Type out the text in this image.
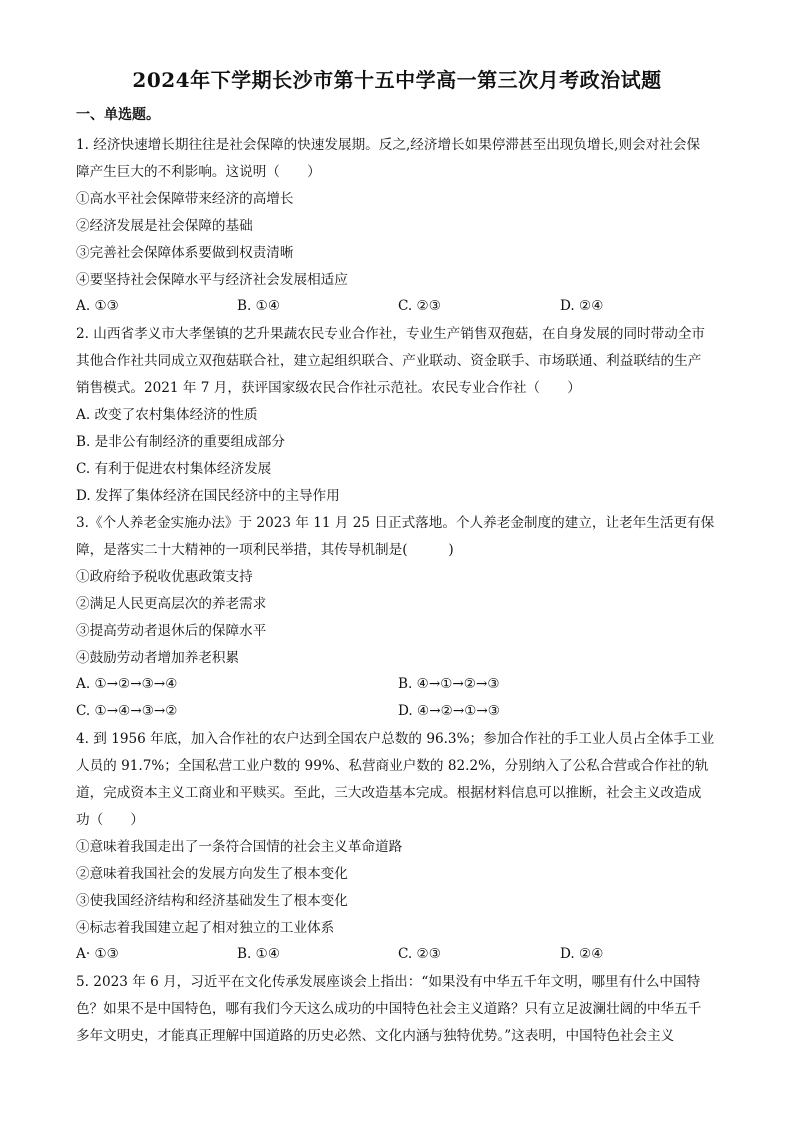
2024年下学期长沙市第十五中学高一第三次月考政治试题
一、单选题。
1. 经济快速增长期往往是社会保障的快速发展期。反之,经济增长如果停滞甚至出现负增长,则会对社会保
障产生巨大的不利影响。这说明（　　）
①高水平社会保障带来经济的高增长
②经济发展是社会保障的基础
③完善社会保障体系要做到权责清晰
④要坚持社会保障水平与经济社会发展相适应
A. ①③	B. ①④	C. ②③	D. ②④
2. 山西省孝义市大孝堡镇的艺升果蔬农民专业合作社，专业生产销售双孢菇，在自身发展的同时带动全市
其他合作社共同成立双孢菇联合社，建立起组织联合、产业联动、资金联手、市场联通、利益联结的生产
销售模式。2021 年 7 月，获评国家级农民合作社示范社。农民专业合作社（　　）
A. 改变了农村集体经济的性质
B. 是非公有制经济的重要组成部分
C. 有利于促进农村集体经济发展
D. 发挥了集体经济在国民经济中的主导作用
3.《个人养老金实施办法》于 2023 年 11 月 25 日正式落地。个人养老金制度的建立，让老年生活更有保
障，是落实二十大精神的一项利民举措，其传导机制是(　　　)
①政府给予税收优惠政策支持
②满足人民更高层次的养老需求
③提高劳动者退休后的保障水平
④鼓励劳动者增加养老积累
A. ①→②→③→④	B. ④→①→②→③
C. ①→④→③→②	D. ④→②→①→③
4. 到 1956 年底，加入合作社的农户达到全国农户总数的 96.3%；参加合作社的手工业人员占全体手工业
人员的 91.7%；全国私营工业户数的 99%、私营商业户数的 82.2%，分别纳入了公私合营或合作社的轨
道，完成资本主义工商业和平赎买。至此，三大改造基本完成。根据材料信息可以推断，社会主义改造成
功（　　）
①意味着我国走出了一条符合国情的社会主义革命道路
②意味着我国社会的发展方向发生了根本变化
③使我国经济结构和经济基础发生了根本变化
④标志着我国建立起了相对独立的工业体系
A· ①③	B. ①④	C. ②③	D. ②④
5. 2023 年 6 月，习近平在文化传承发展座谈会上指出：“如果没有中华五千年文明，哪里有什么中国特
色？如果不是中国特色，哪有我们今天这么成功的中国特色社会主义道路？只有立足波澜壮阔的中华五千
多年文明史，才能真正理解中国道路的历史必然、文化内涵与独特优势。”这表明，中国特色社会主义
